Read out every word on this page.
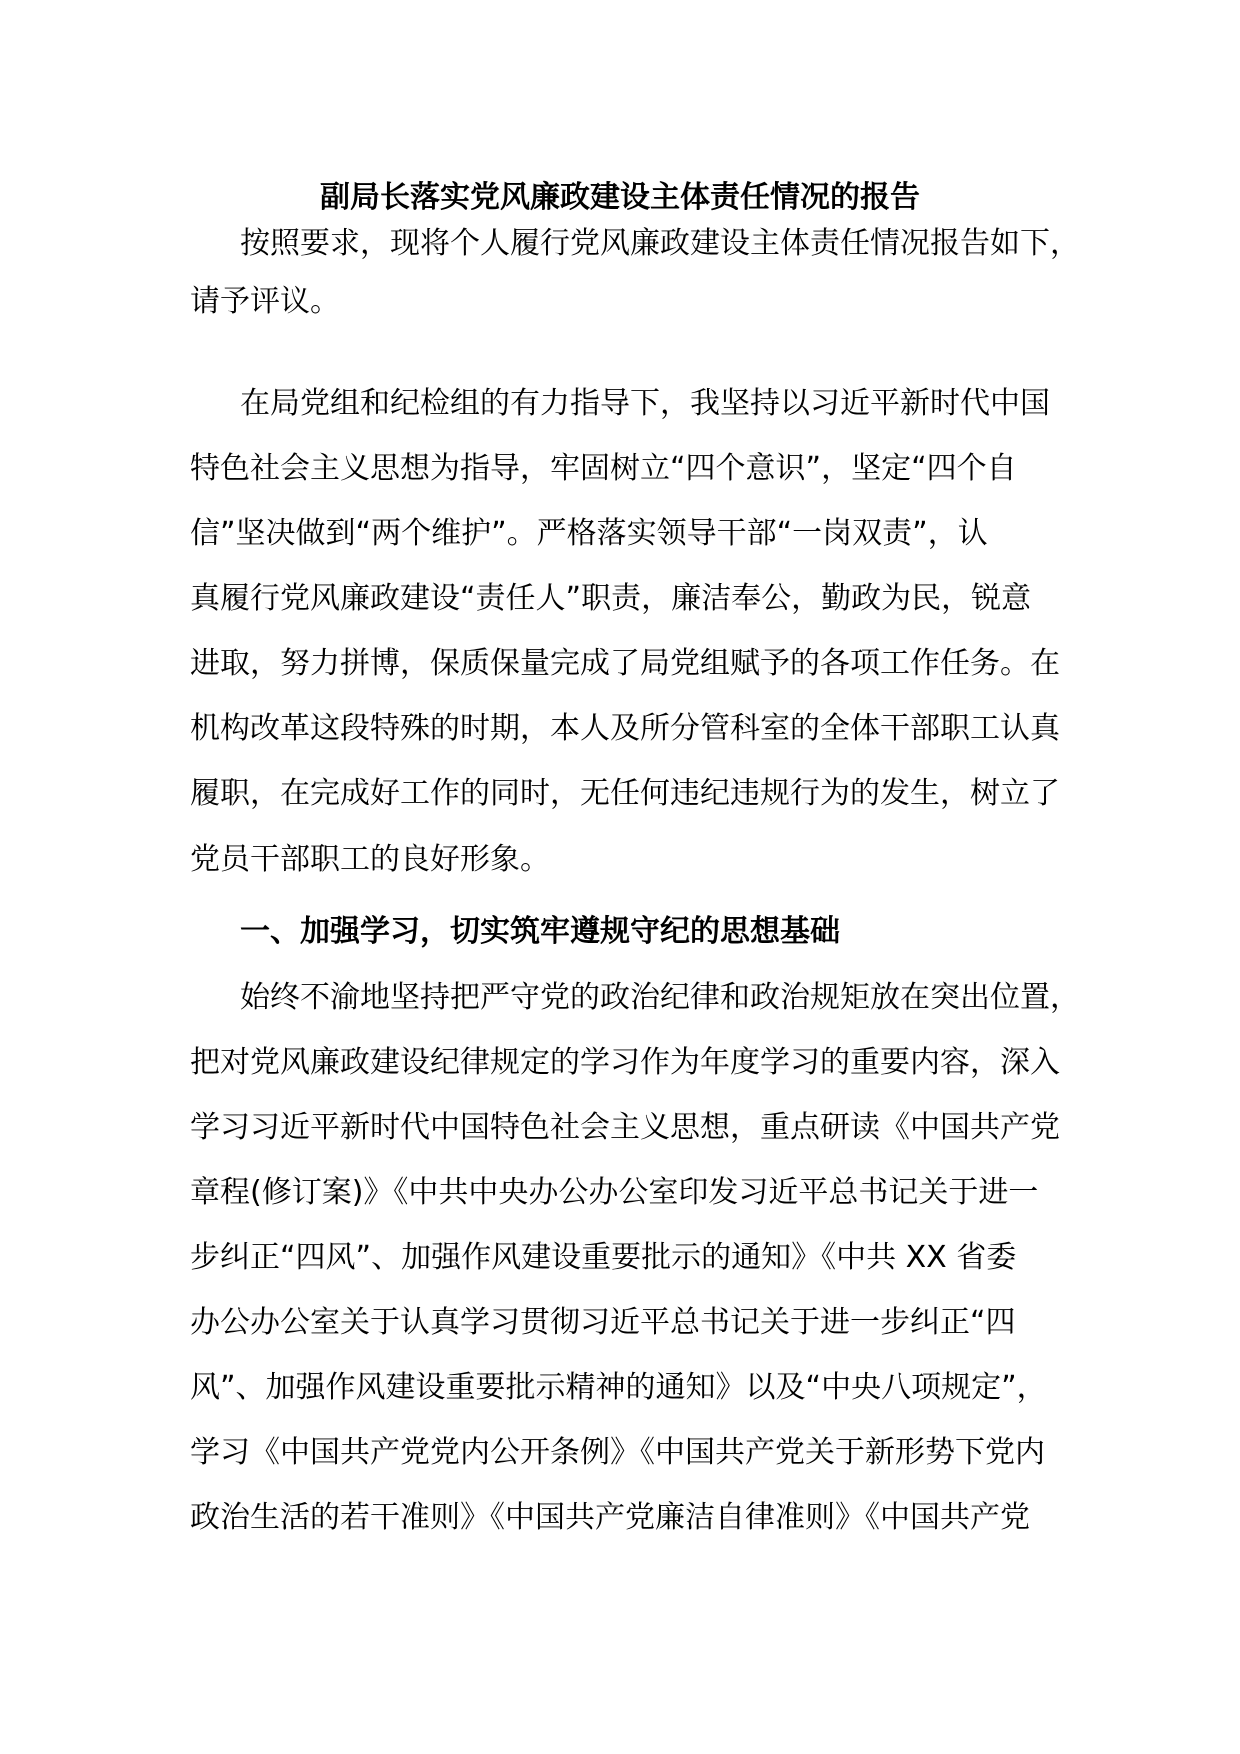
副局长落实党风廉政建设主体责任情况的报告

按照要求，现将个人履行党风廉政建设主体责任情况报告如下，

请予评议。

在局党组和纪检组的有力指导下，我坚持以习近平新时代中国

特色社会主义思想为指导，牢固树立“四个意识”，坚定“四个自

信”坚决做到“两个维护”。严格落实领导干部“一岗双责”，认

真履行党风廉政建设“责任人”职责，廉洁奉公，勤政为民，锐意

进取，努力拼博，保质保量完成了局党组赋予的各项工作任务。在

机构改革这段特殊的时期，本人及所分管科室的全体干部职工认真

履职，在完成好工作的同时，无任何违纪违规行为的发生，树立了

党员干部职工的良好形象。

一、加强学习，切实筑牢遵规守纪的思想基础

始终不渝地坚持把严守党的政治纪律和政治规矩放在突出位置，

把对党风廉政建设纪律规定的学习作为年度学习的重要内容，深入

学习习近平新时代中国特色社会主义思想，重点研读《中国共产党

章程(修订案)》《中共中央办公办公室印发习近平总书记关于进一

步纠正“四风”、加强作风建设重要批示的通知》《中共 XX 省委

办公办公室关于认真学习贯彻习近平总书记关于进一步纠正“四

风”、加强作风建设重要批示精神的通知》以及“中央八项规定”，

学习《中国共产党党内公开条例》《中国共产党关于新形势下党内

政治生活的若干准则》《中国共产党廉洁自律准则》《中国共产党
